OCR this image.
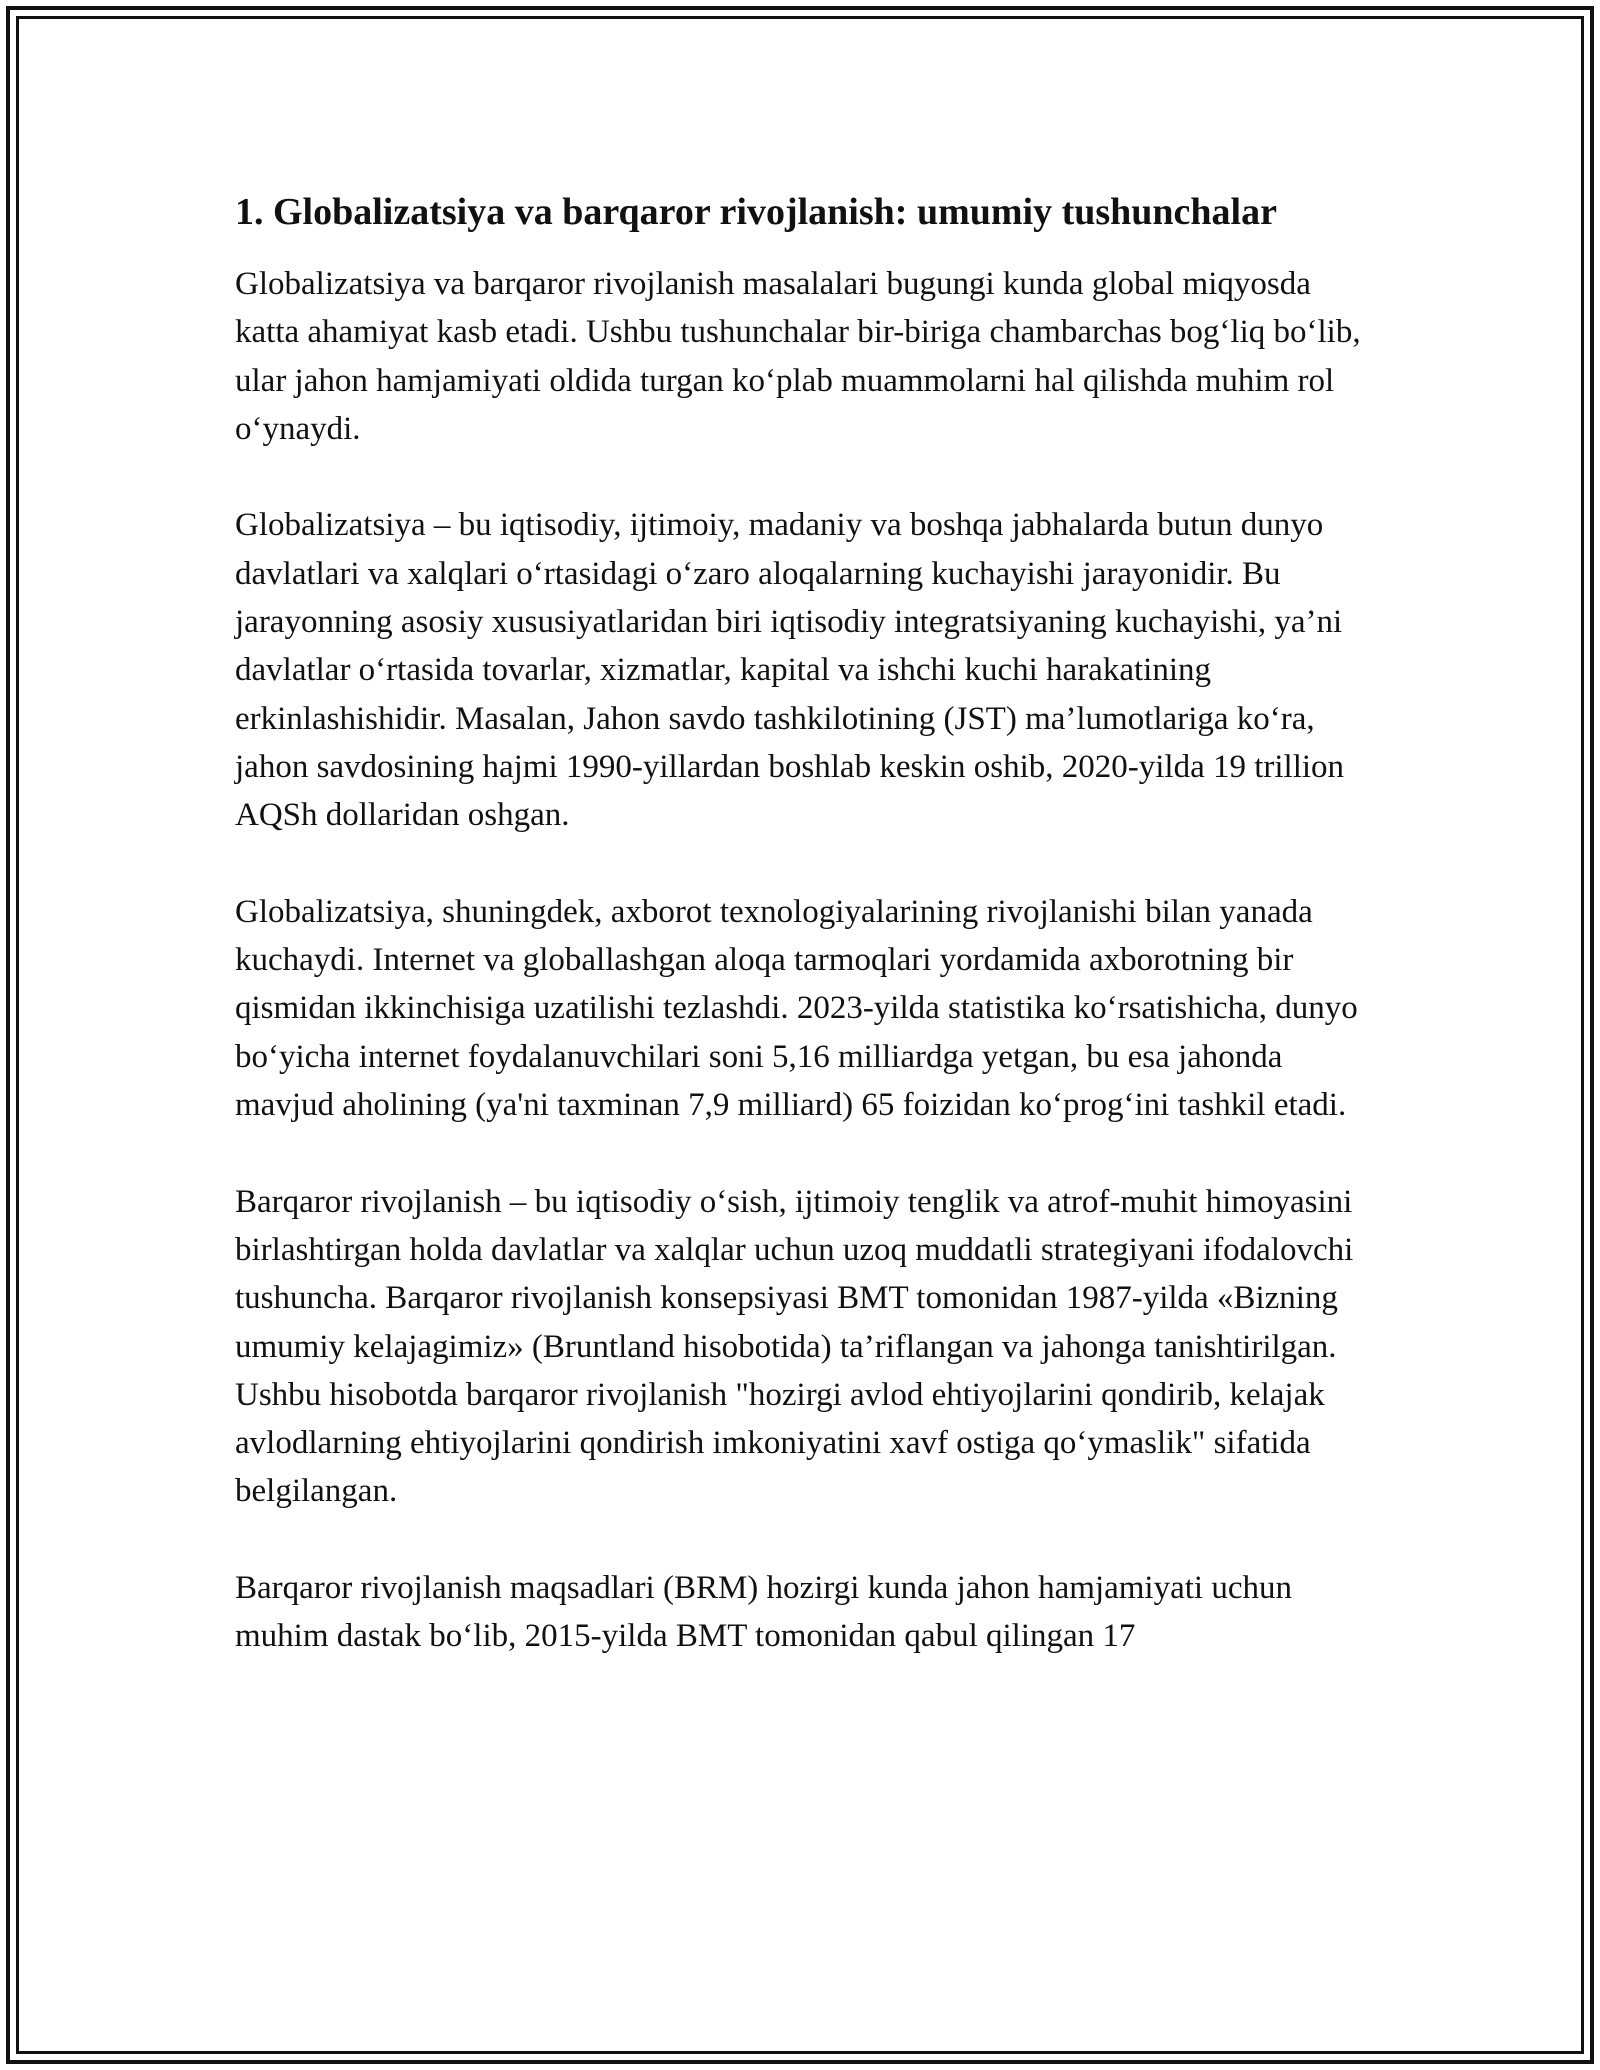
1. Globalizatsiya va barqaror rivojlanish: umumiy tushunchalar

Globalizatsiya va barqaror rivojlanish masalalari bugungi kunda global miqyosda katta ahamiyat kasb etadi. Ushbu tushunchalar bir-biriga chambarchas bog‘liq bo‘lib, ular jahon hamjamiyati oldida turgan ko‘plab muammolarni hal qilishda muhim rol o‘ynaydi.

Globalizatsiya – bu iqtisodiy, ijtimoiy, madaniy va boshqa jabhalarda butun dunyo davlatlari va xalqlari o‘rtasidagi o‘zaro aloqalarning kuchayishi jarayonidir. Bu jarayonning asosiy xususiyatlaridan biri iqtisodiy integratsiyaning kuchayishi, ya’ni davlatlar o‘rtasida tovarlar, xizmatlar, kapital va ishchi kuchi harakatining erkinlashishidir. Masalan, Jahon savdo tashkilotining (JST) ma’lumotlariga ko‘ra, jahon savdosining hajmi 1990-yillardan boshlab keskin oshib, 2020-yilda 19 trillion AQSh dollaridan oshgan.

Globalizatsiya, shuningdek, axborot texnologiyalarining rivojlanishi bilan yanada kuchaydi. Internet va globallashgan aloqa tarmoqlari yordamida axborotning bir qismidan ikkinchisiga uzatilishi tezlashdi. 2023-yilda statistika ko‘rsatishicha, dunyo bo‘yicha internet foydalanuvchilari soni 5,16 milliardga yetgan, bu esa jahonda mavjud aholining (ya'ni taxminan 7,9 milliard) 65 foizidan ko‘prog‘ini tashkil etadi.

Barqaror rivojlanish – bu iqtisodiy o‘sish, ijtimoiy tenglik va atrof-muhit himoyasini birlashtirgan holda davlatlar va xalqlar uchun uzoq muddatli strategiyani ifodalovchi tushuncha. Barqaror rivojlanish konsepsiyasi BMT tomonidan 1987-yilda «Bizning umumiy kelajagimiz» (Bruntland hisobotida) ta’riflangan va jahonga tanishtirilgan. Ushbu hisobotda barqaror rivojlanish "hozirgi avlod ehtiyojlarini qondirib, kelajak avlodlarning ehtiyojlarini qondirish imkoniyatini xavf ostiga qo‘ymaslik" sifatida belgilangan.

Barqaror rivojlanish maqsadlari (BRM) hozirgi kunda jahon hamjamiyati uchun muhim dastak bo‘lib, 2015-yilda BMT tomonidan qabul qilingan 17
